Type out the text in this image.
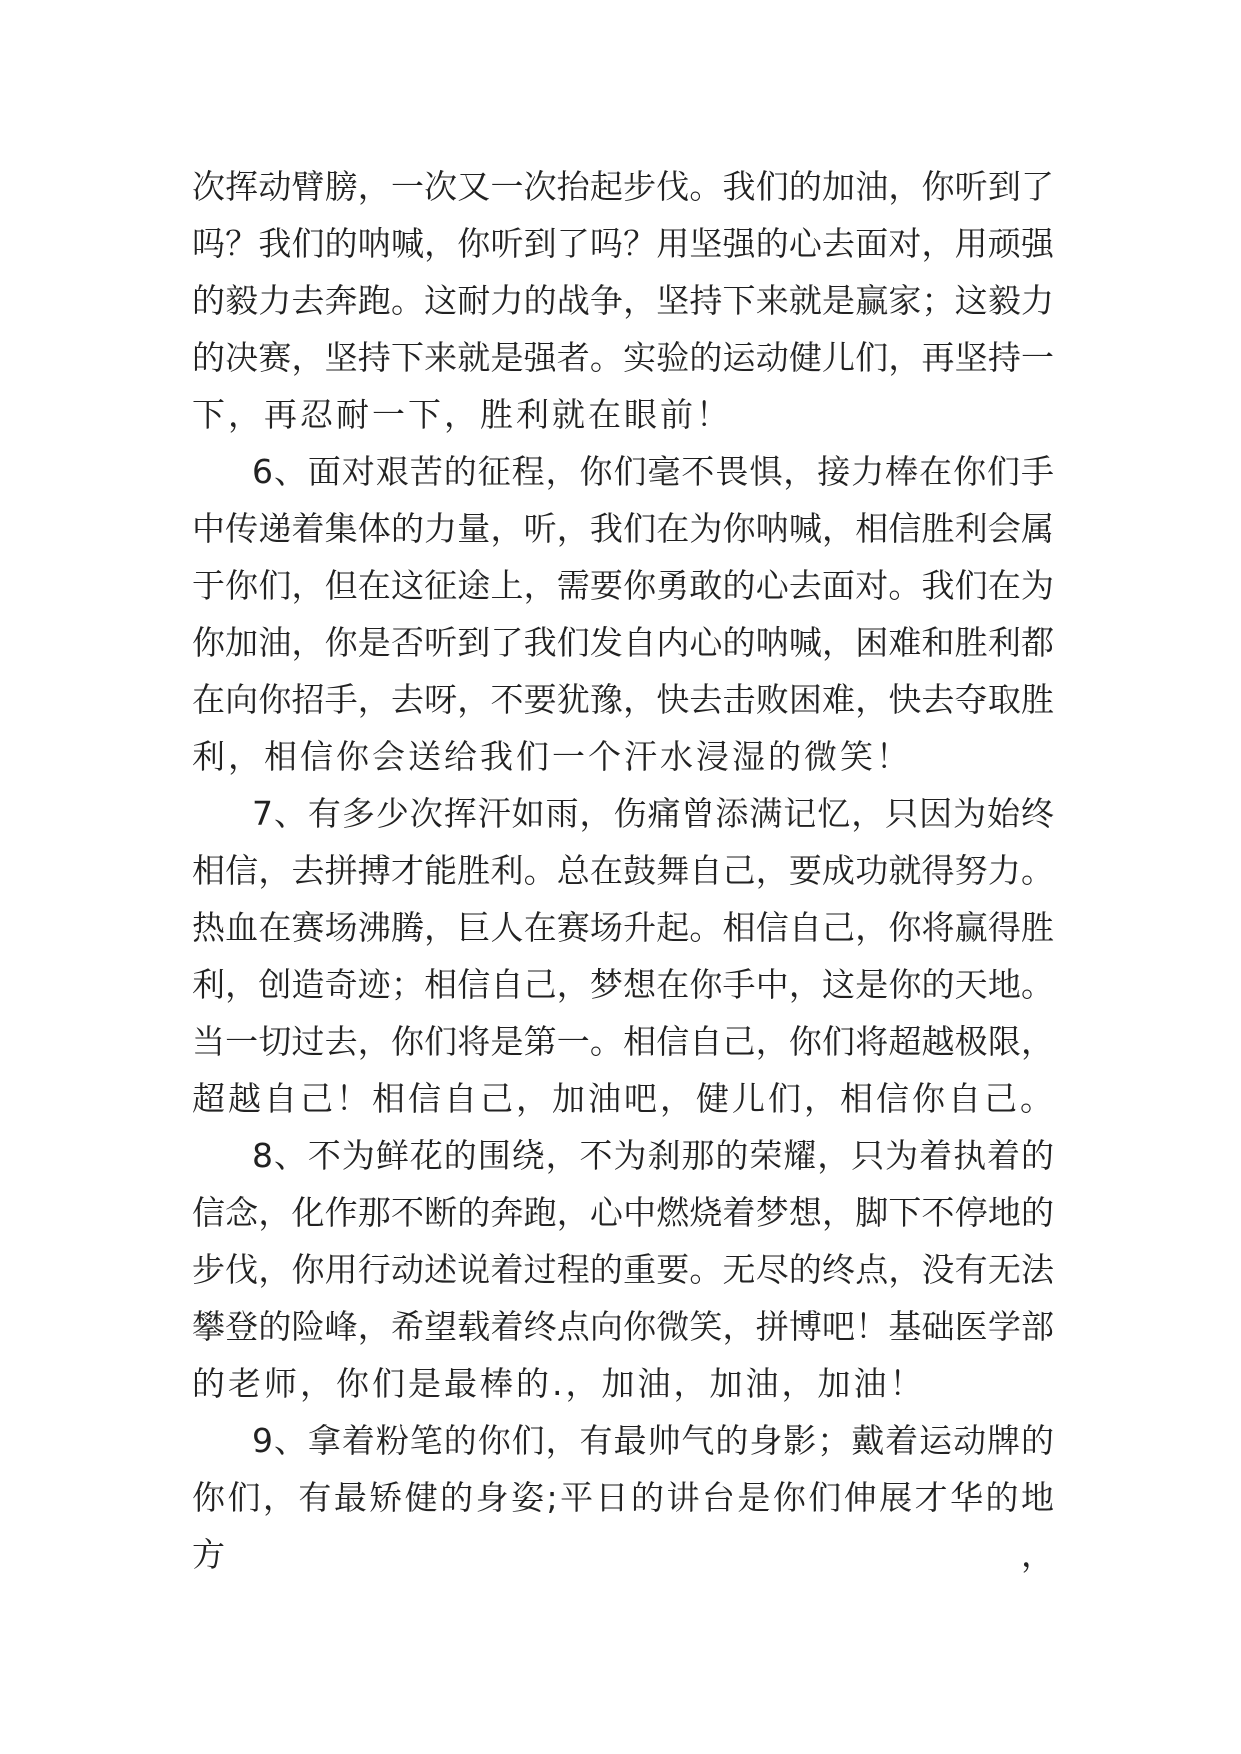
次挥动臂膀，一次又一次抬起步伐。我们的加油，你听到了
吗？我们的呐喊，你听到了吗？用坚强的心去面对，用顽强
的毅力去奔跑。这耐力的战争，坚持下来就是赢家；这毅力
的决赛，坚持下来就是强者。实验的运动健儿们，再坚持一
下，再忍耐一下，胜利就在眼前！
6、面对艰苦的征程，你们毫不畏惧，接力棒在你们手
中传递着集体的力量，听，我们在为你呐喊，相信胜利会属
于你们，但在这征途上，需要你勇敢的心去面对。我们在为
你加油，你是否听到了我们发自内心的呐喊，困难和胜利都
在向你招手，去呀，不要犹豫，快去击败困难，快去夺取胜
利，相信你会送给我们一个汗水浸湿的微笑！
7、有多少次挥汗如雨，伤痛曾添满记忆，只因为始终
相信，去拼搏才能胜利。总在鼓舞自己，要成功就得努力。
热血在赛场沸腾，巨人在赛场升起。相信自己，你将赢得胜
利，创造奇迹；相信自己，梦想在你手中，这是你的天地。
当一切过去，你们将是第一。相信自己，你们将超越极限，
超越自己！相信自己，加油吧，健儿们，相信你自己。
8、不为鲜花的围绕，不为刹那的荣耀，只为着执着的
信念，化作那不断的奔跑，心中燃烧着梦想，脚下不停地的
步伐，你用行动述说着过程的重要。无尽的终点，没有无法
攀登的险峰，希望载着终点向你微笑，拼博吧！基础医学部
的老师，你们是最棒的.，加油，加油，加油！
9、拿着粉笔的你们，有最帅气的身影；戴着运动牌的
你们，有最矫健的身姿;平日的讲台是你们伸展才华的地方，
